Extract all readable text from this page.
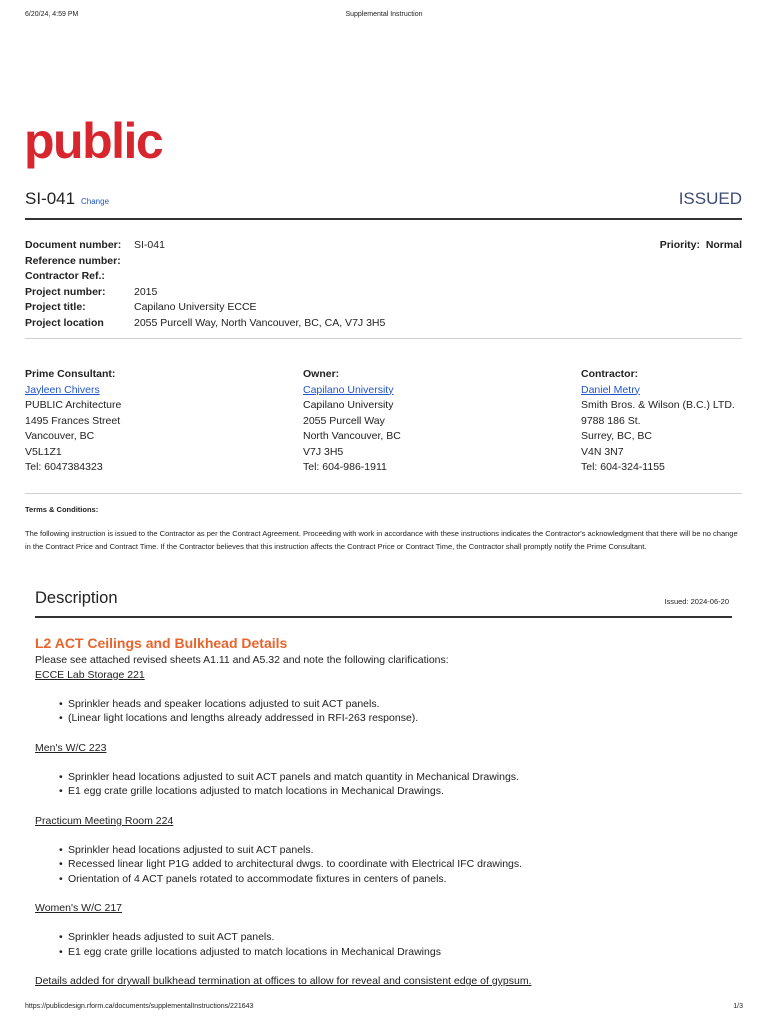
6/20/24, 4:59 PM	Supplemental Instruction
public
SI-041 Change	ISSUED
Document number:	SI-041
Reference number:
Contractor Ref.:
Project number:	2015
Project title:	Capilano University ECCE
Project location	2055 Purcell Way, North Vancouver, BC, CA, V7J 3H5
Priority: Normal
Prime Consultant:
Jayleen Chivers
PUBLIC Architecture
1495 Frances Street
Vancouver, BC
V5L1Z1
Tel: 6047384323
Owner:
Capilano University
Capilano University
2055 Purcell Way
North Vancouver, BC
V7J 3H5
Tel: 604-986-1911
Contractor:
Daniel Metry
Smith Bros. & Wilson (B.C.) LTD.
9788 186 St.
Surrey, BC, BC
V4N 3N7
Tel: 604-324-1155
Terms & Conditions:
The following instruction is issued to the Contractor as per the Contract Agreement. Proceeding with work in accordance with these instructions indicates the Contractor's acknowledgment that there will be no change in the Contract Price and Contract Time. If the Contractor believes that this instruction affects the Contract Price or Contract Time, the Contractor shall promptly notify the Prime Consultant.
Description	Issued: 2024-06-20
L2 ACT Ceilings and Bulkhead Details

Please see attached revised sheets A1.11 and A5.32 and note the following clarifications:

ECCE Lab Storage 221

• Sprinkler heads and speaker locations adjusted to suit ACT panels.
• (Linear light locations and lengths already addressed in RFI-263 response).

Men's W/C 223

• Sprinkler head locations adjusted to suit ACT panels and match quantity in Mechanical Drawings.
• E1 egg crate grille locations adjusted to match locations in Mechanical Drawings.

Practicum Meeting Room 224

• Sprinkler head locations adjusted to suit ACT panels.
• Recessed linear light P1G added to architectural dwgs. to coordinate with Electrical IFC drawings.
• Orientation of 4 ACT panels rotated to accommodate fixtures in centers of panels.

Women's W/C 217

• Sprinkler heads adjusted to suit ACT panels.
• E1 egg crate grille locations adjusted to match locations in Mechanical Drawings

Details added for drywall bulkhead termination at offices to allow for reveal and consistent edge of gypsum.

https://publicdesign.rform.ca/documents/supplementalInstructions/221643	1/3
